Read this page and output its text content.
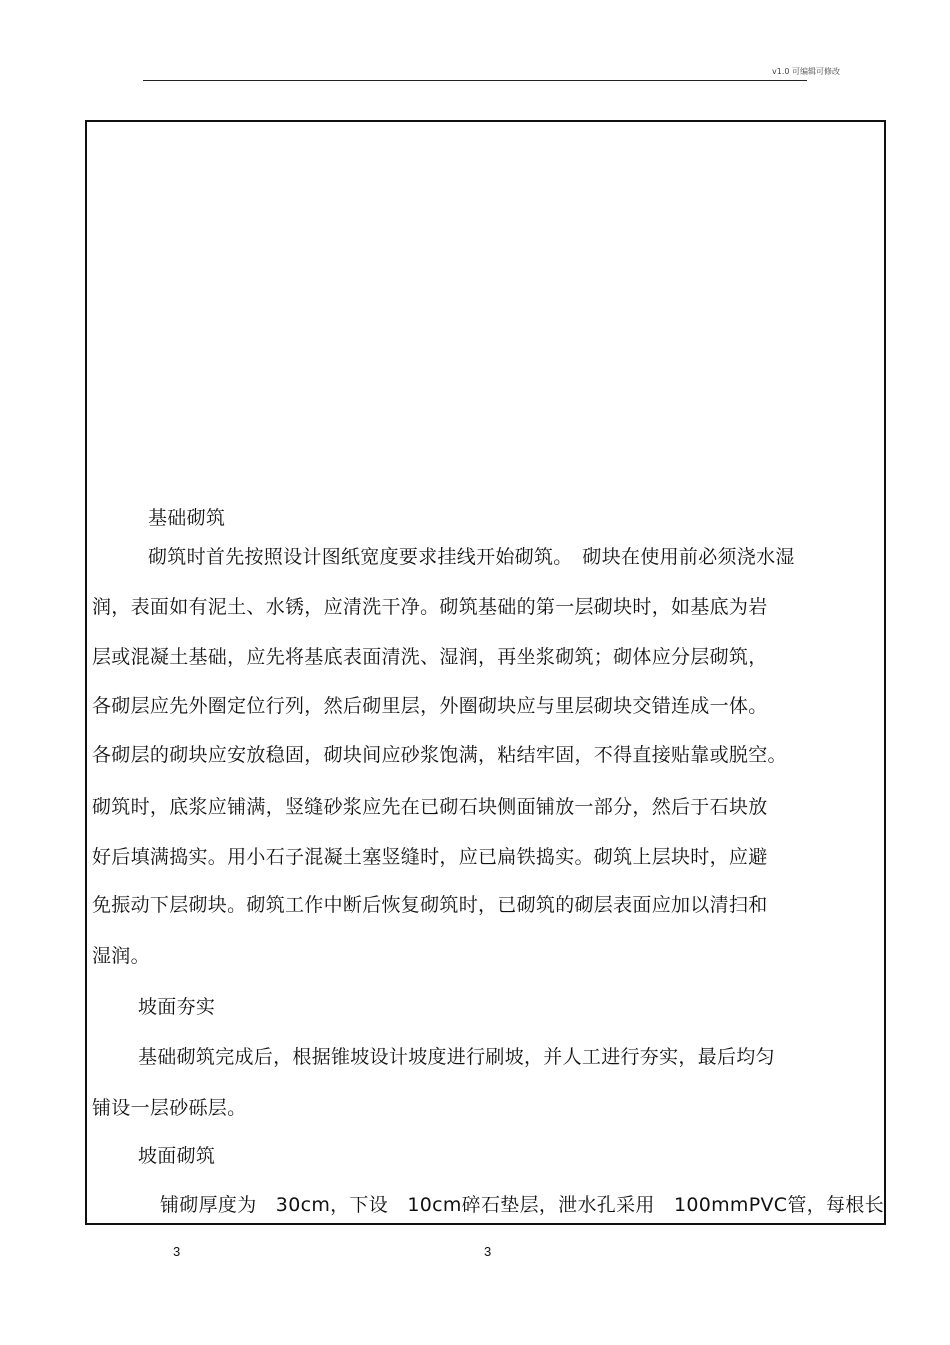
v1.0 可编辑可修改
基础砌筑
砌筑时首先按照设计图纸宽度要求挂线开始砌筑。　砌块在使用前必须浇水湿
润，表面如有泥土、水锈，应清洗干净。砌筑基础的第一层砌块时，如基底为岩
层或混凝土基础，应先将基底表面清洗、湿润，再坐浆砌筑；砌体应分层砌筑，
各砌层应先外圈定位行列，然后砌里层，外圈砌块应与里层砌块交错连成一体。
各砌层的砌块应安放稳固，砌块间应砂浆饱满，粘结牢固，不得直接贴靠或脱空。
砌筑时，底浆应铺满，竖缝砂浆应先在已砌石块侧面铺放一部分，然后于石块放
好后填满捣实。用小石子混凝土塞竖缝时，应已扁铁捣实。砌筑上层块时，应避
免振动下层砌块。砌筑工作中断后恢复砌筑时，已砌筑的砌层表面应加以清扫和
湿润。
坡面夯实
基础砌筑完成后，根据锥坡设计坡度进行刷坡，并人工进行夯实，最后均匀
铺设一层砂砾层。
坡面砌筑
铺砌厚度为　30cm，下设　10cm碎石垫层，泄水孔采用　100mmPVC管，每根长
3	3
